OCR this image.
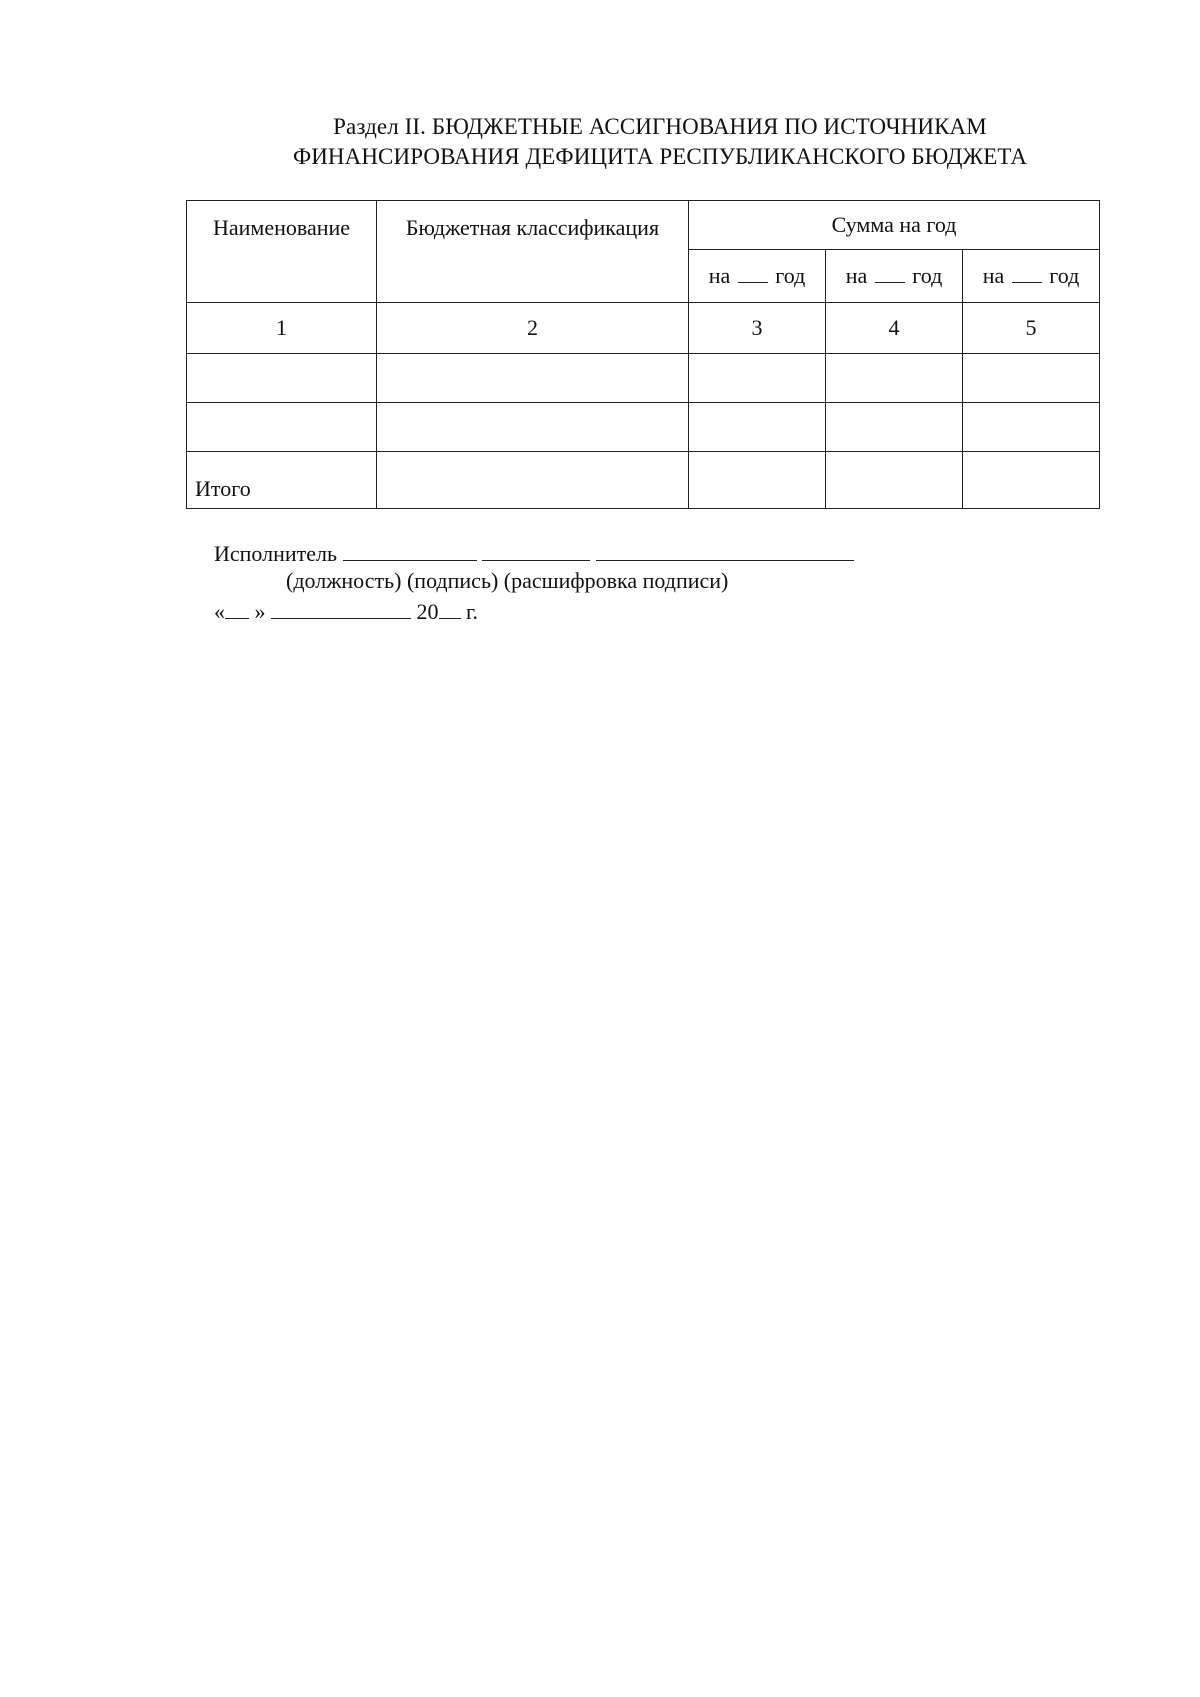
Раздел II. БЮДЖЕТНЫЕ АССИГНОВАНИЯ ПО ИСТОЧНИКАМ
ФИНАНСИРОВАНИЯ ДЕФИЦИТА РЕСПУБЛИКАНСКОГО БЮДЖЕТА
Наименование	Бюджетная классификация	Сумма на год		
		на год	на год	на год
1	2	3	4	5

Итого				
Исполнитель
(должность) (подпись) (расшифровка подписи)
« »	20 г.
